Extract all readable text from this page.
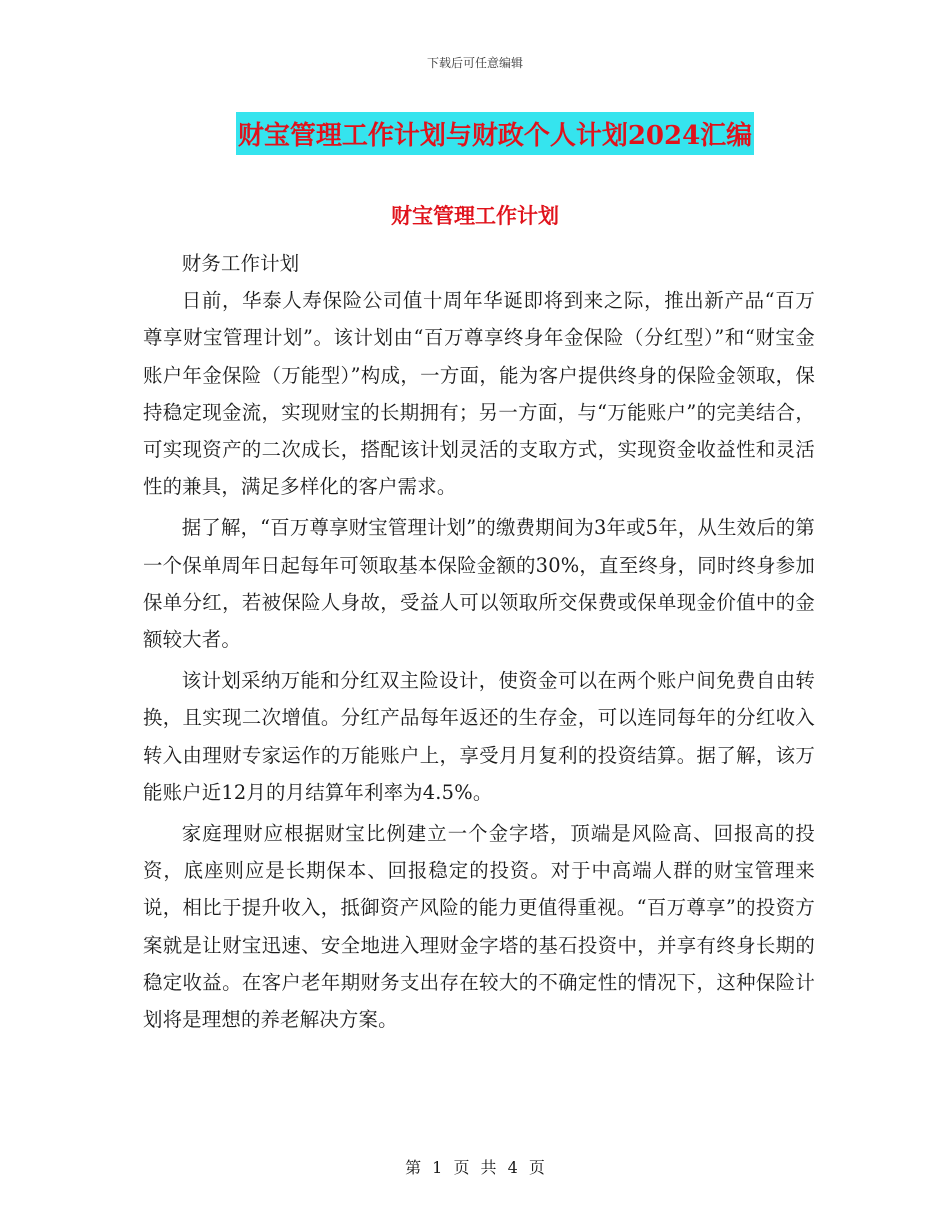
下载后可任意编辑
财宝管理工作计划与财政个人计划2024汇编
财宝管理工作计划

财务工作计划

日前，华泰人寿保险公司值十周年华诞即将到来之际，推出新产品“百万尊享财宝管理计划”。该计划由“百万尊享终身年金保险（分红型）”和“财宝金账户年金保险（万能型）”构成，一方面，能为客户提供终身的保险金领取，保持稳定现金流，实现财宝的长期拥有；另一方面，与“万能账户”的完美结合，可实现资产的二次成长，搭配该计划灵活的支取方式，实现资金收益性和灵活性的兼具，满足多样化的客户需求。

据了解，“百万尊享财宝管理计划”的缴费期间为3年或5年，从生效后的第一个保单周年日起每年可领取基本保险金额的30%，直至终身，同时终身参加保单分红，若被保险人身故，受益人可以领取所交保费或保单现金价值中的金额较大者。

该计划采纳万能和分红双主险设计，使资金可以在两个账户间免费自由转换，且实现二次增值。分红产品每年返还的生存金，可以连同每年的分红收入转入由理财专家运作的万能账户上，享受月月复利的投资结算。据了解，该万能账户近12月的月结算年利率为4.5%。

家庭理财应根据财宝比例建立一个金字塔，顶端是风险高、回报高的投资，底座则应是长期保本、回报稳定的投资。对于中高端人群的财宝管理来说，相比于提升收入，抵御资产风险的能力更值得重视。“百万尊享”的投资方案就是让财宝迅速、安全地进入理财金字塔的基石投资中，并享有终身长期的稳定收益。在客户老年期财务支出存在较大的不确定性的情况下，这种保险计划将是理想的养老解决方案。

第 1 页 共 4 页
